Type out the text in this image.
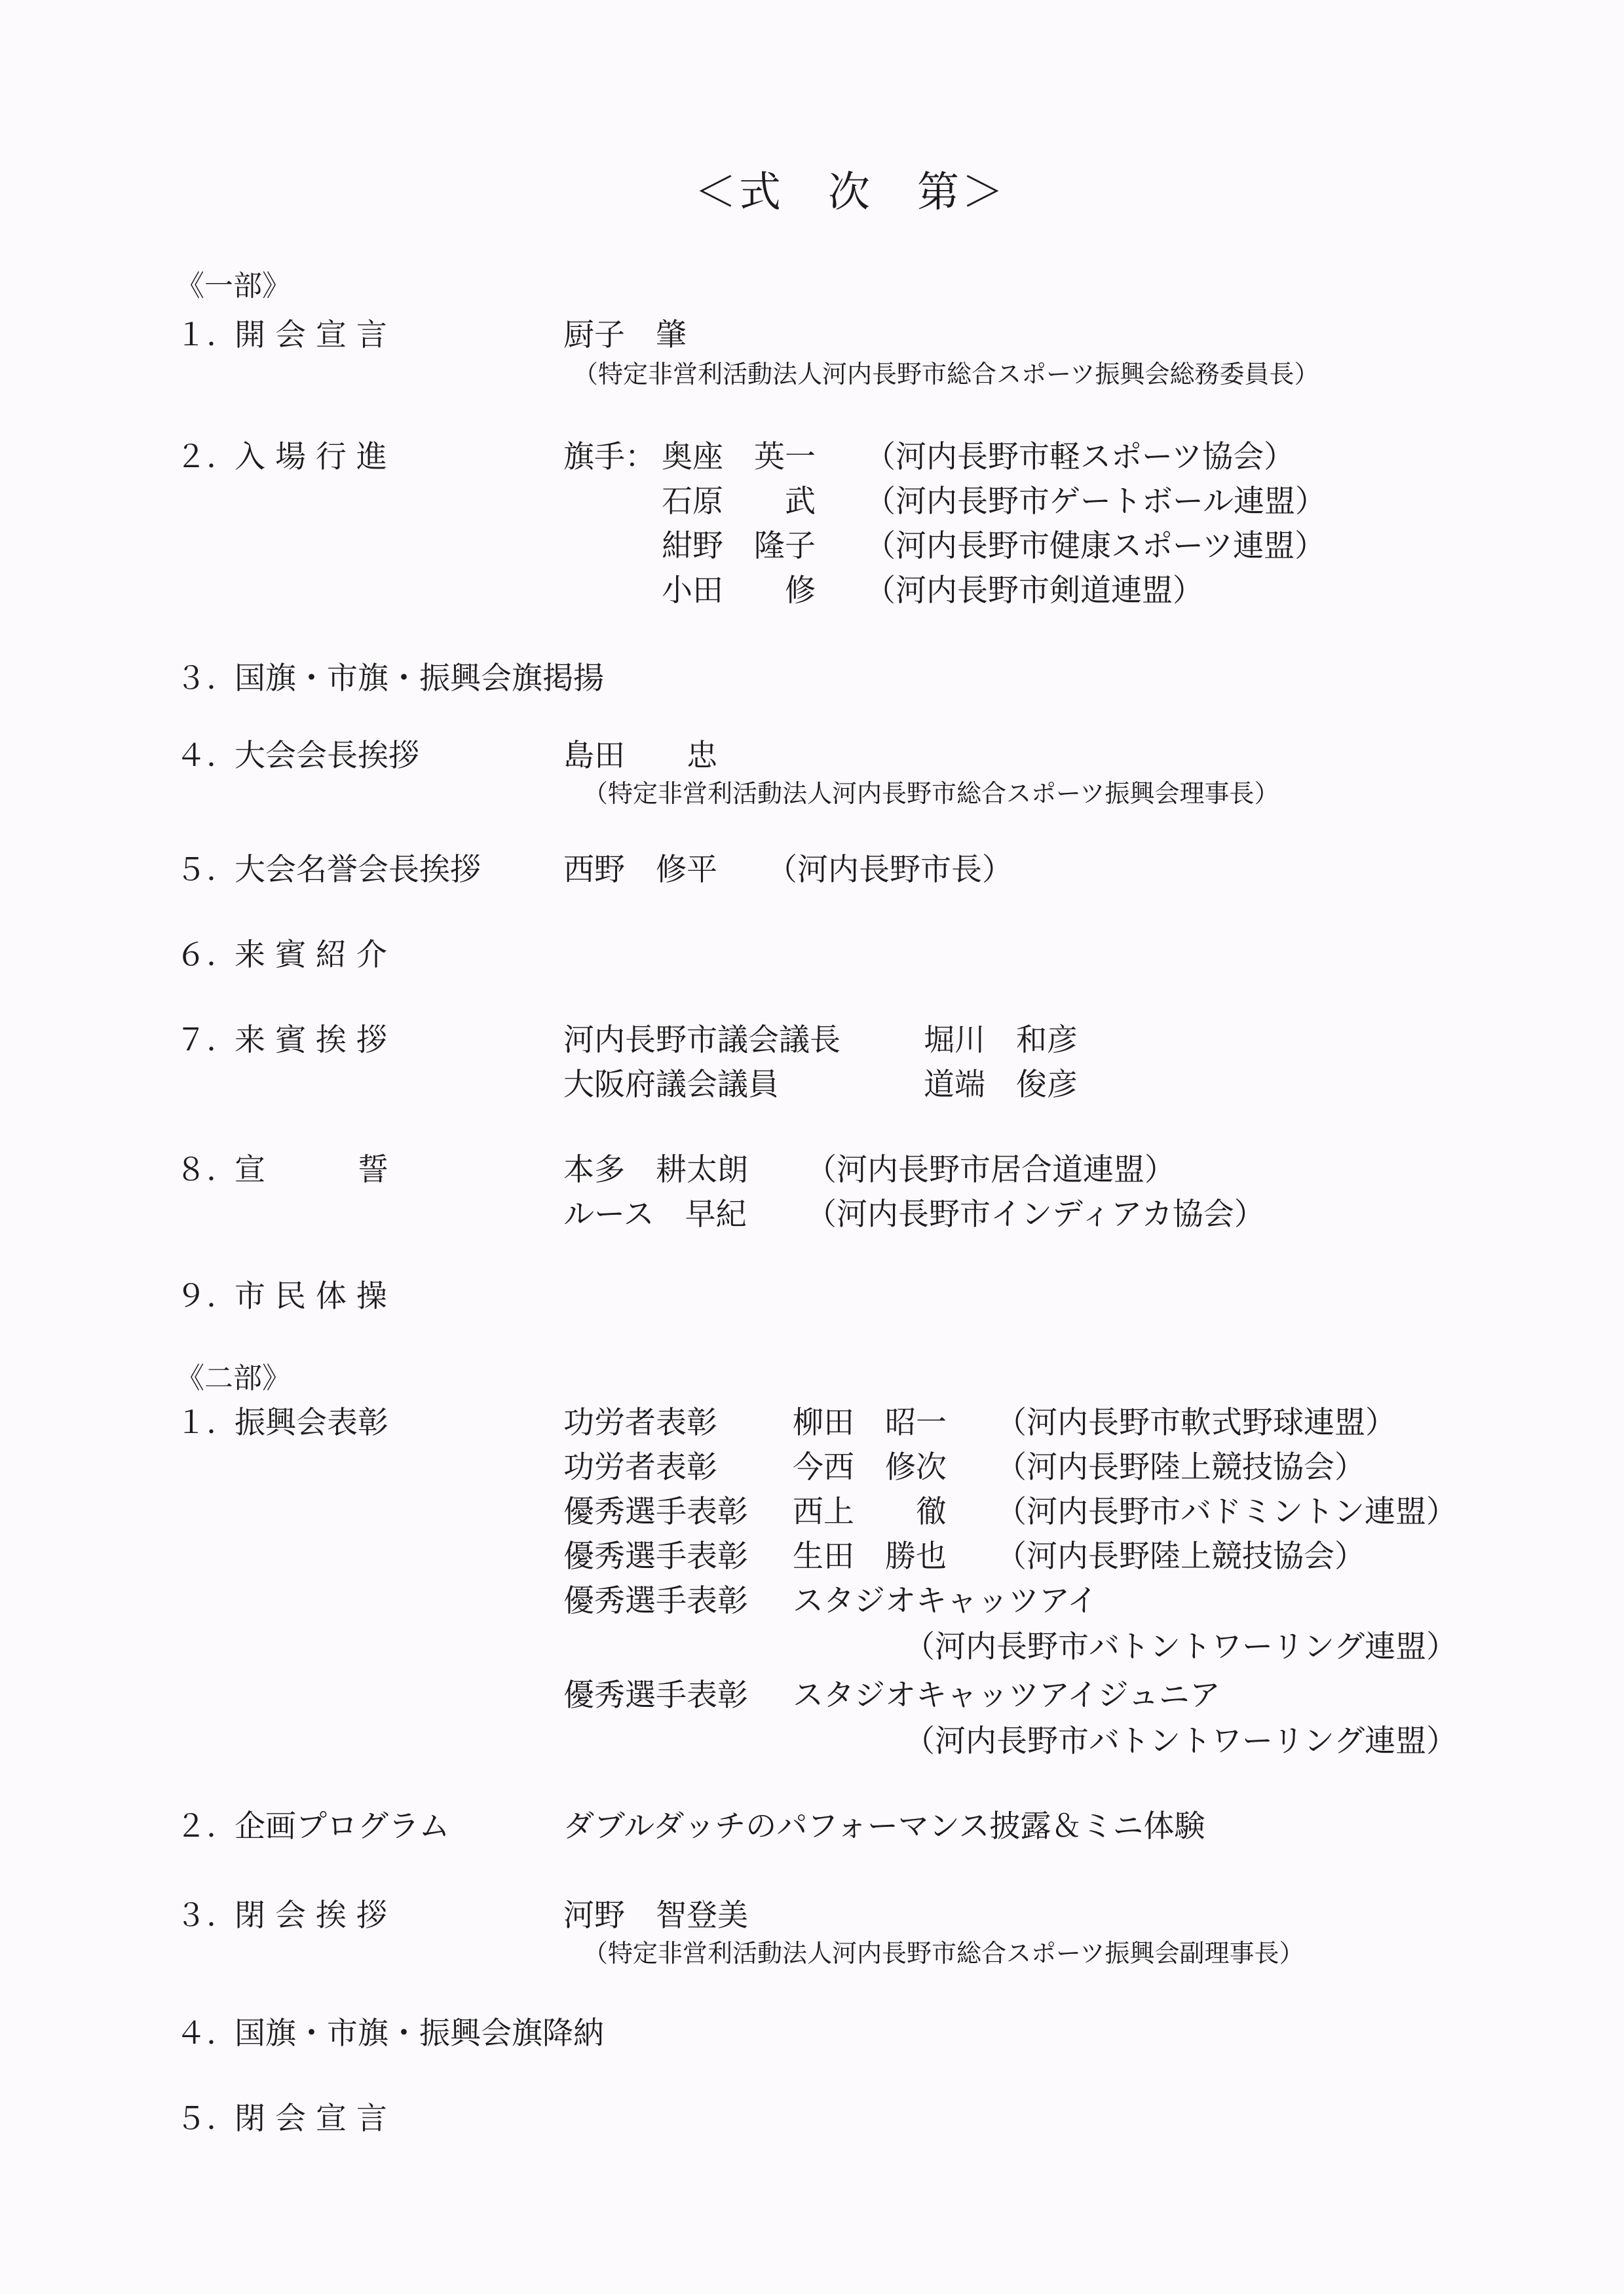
＜式　次　第＞
《一部》
１. 開 会 宣 言	厨子　肇
（特定非営利活動法人河内長野市総合スポーツ振興会総務委員長）
２. 入 場 行 進	旗手： 奥座　英一 （河内長野市軽スポーツ協会）
石原　　武 （河内長野市ゲートボール連盟）
紺野　隆子 （河内長野市健康スポーツ連盟）
小田　　修 （河内長野市剣道連盟）
３. 国旗・市旗・振興会旗掲揚
４. 大会会長挨拶	島田　　忠
（特定非営利活動法人河内長野市総合スポーツ振興会理事長）
５. 大会名誉会長挨拶	西野　修平 （河内長野市長）
６. 来 賓 紹 介
７. 来 賓 挨 拶	河内長野市議会議長	堀川　和彦
大阪府議会議員	道端　俊彦
８. 宣　　　誓	本多　耕太朗 （河内長野市居合道連盟）
ルース　早紀 （河内長野市インディアカ協会）
９. 市 民 体 操
《二部》
１. 振興会表彰	功労者表彰 柳田　昭一 （河内長野市軟式野球連盟）
功労者表彰 今西　修次 （河内長野陸上競技協会）
優秀選手表彰 西上　　徹 （河内長野市バドミントン連盟）
優秀選手表彰 生田　勝也 （河内長野陸上競技協会）
優秀選手表彰 スタジオキャッツアイ
（河内長野市バトントワーリング連盟）
優秀選手表彰 スタジオキャッツアイジュニア
（河内長野市バトントワーリング連盟）
２. 企画プログラム	ダブルダッチのパフォーマンス披露＆ミニ体験
３. 閉 会 挨 拶	河野　智登美
（特定非営利活動法人河内長野市総合スポーツ振興会副理事長）
４. 国旗・市旗・振興会旗降納
５. 閉 会 宣 言
